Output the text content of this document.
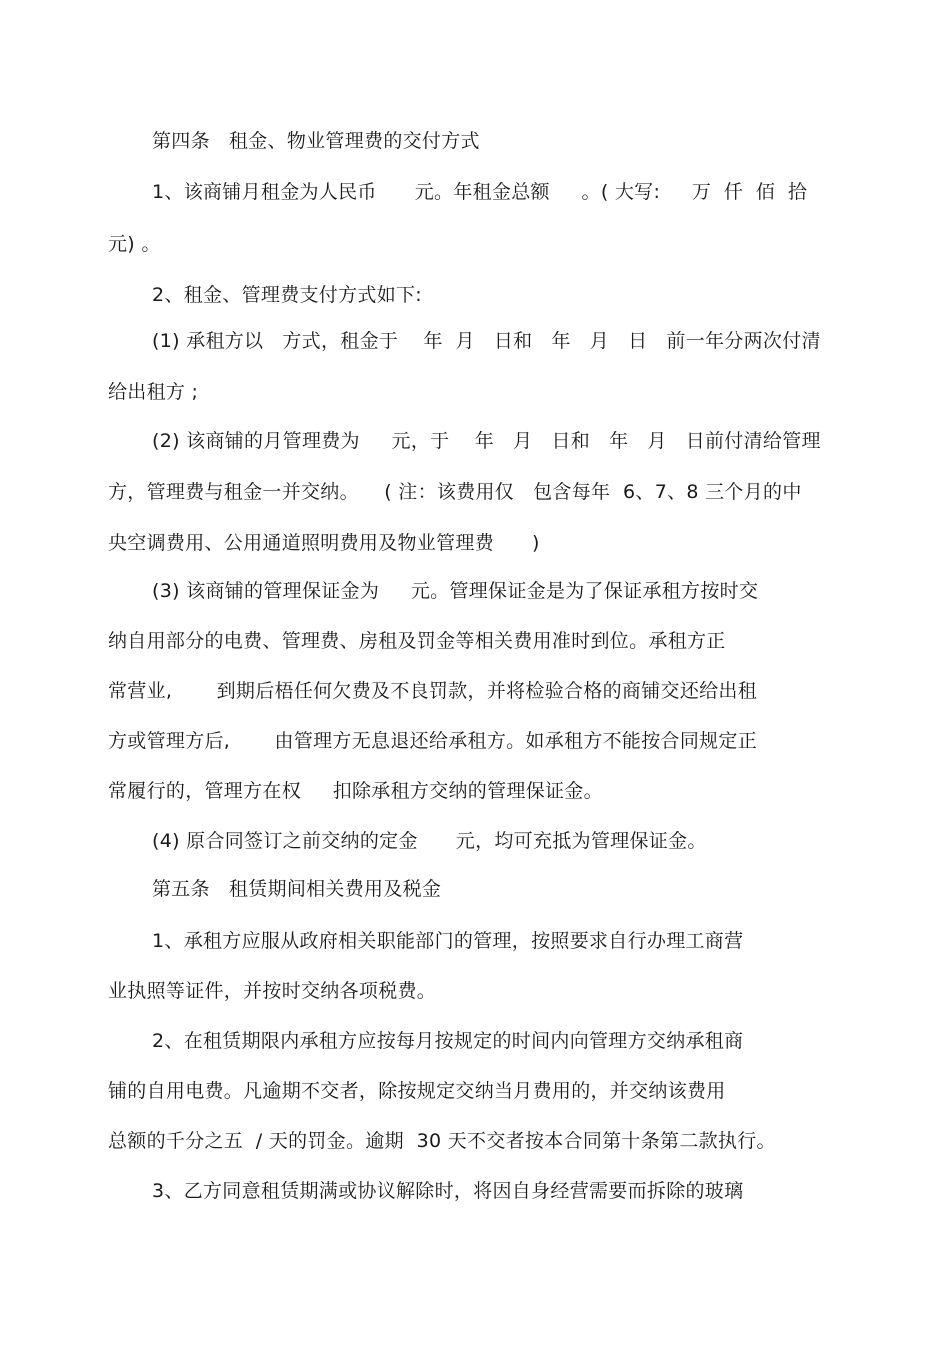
第四条   租金、物业管理费的交付方式
1、该商铺月租金为人民币      元。年租金总额     。( 大写:     万  仟  佰  拾
元) 。
2、租金、管理费支付方式如下:
(1) 承租方以   方式，租金于    年  月   日和   年   月   日   前一年分两次付清
给出租方 ;
(2) 该商铺的月管理费为     元，于    年   月   日和   年   月   日前付清给管理
方，管理费与租金一并交纳。    ( 注：该费用仅   包含每年  6、7、8 三个月的中
央空调费用、公用通道照明费用及物业管理费      )
(3) 该商铺的管理保证金为     元。管理保证金是为了保证承租方按时交
纳自用部分的电费、管理费、房租及罚金等相关费用准时到位。承租方正
常营业,       到期后梧任何欠费及不良罚款，并将检验合格的商铺交还给出租
方或管理方后,       由管理方无息退还给承租方。如承租方不能按合同规定正
常履行的，管理方在权     扣除承租方交纳的管理保证金。
(4) 原合同签订之前交纳的定金      元，均可充抵为管理保证金。
第五条   租赁期间相关费用及税金
1、承租方应服从政府相关职能部门的管理，按照要求自行办理工商营
业执照等证件，并按时交纳各项税费。
2、在租赁期限内承租方应按每月按规定的时间内向管理方交纳承租商
铺的自用电费。凡逾期不交者，除按规定交纳当月费用的，并交纳该费用
总额的千分之五  / 天的罚金。逾期  30 天不交者按本合同第十条第二款执行。
3、乙方同意租赁期满或协议解除时，将因自身经营需要而拆除的玻璃
